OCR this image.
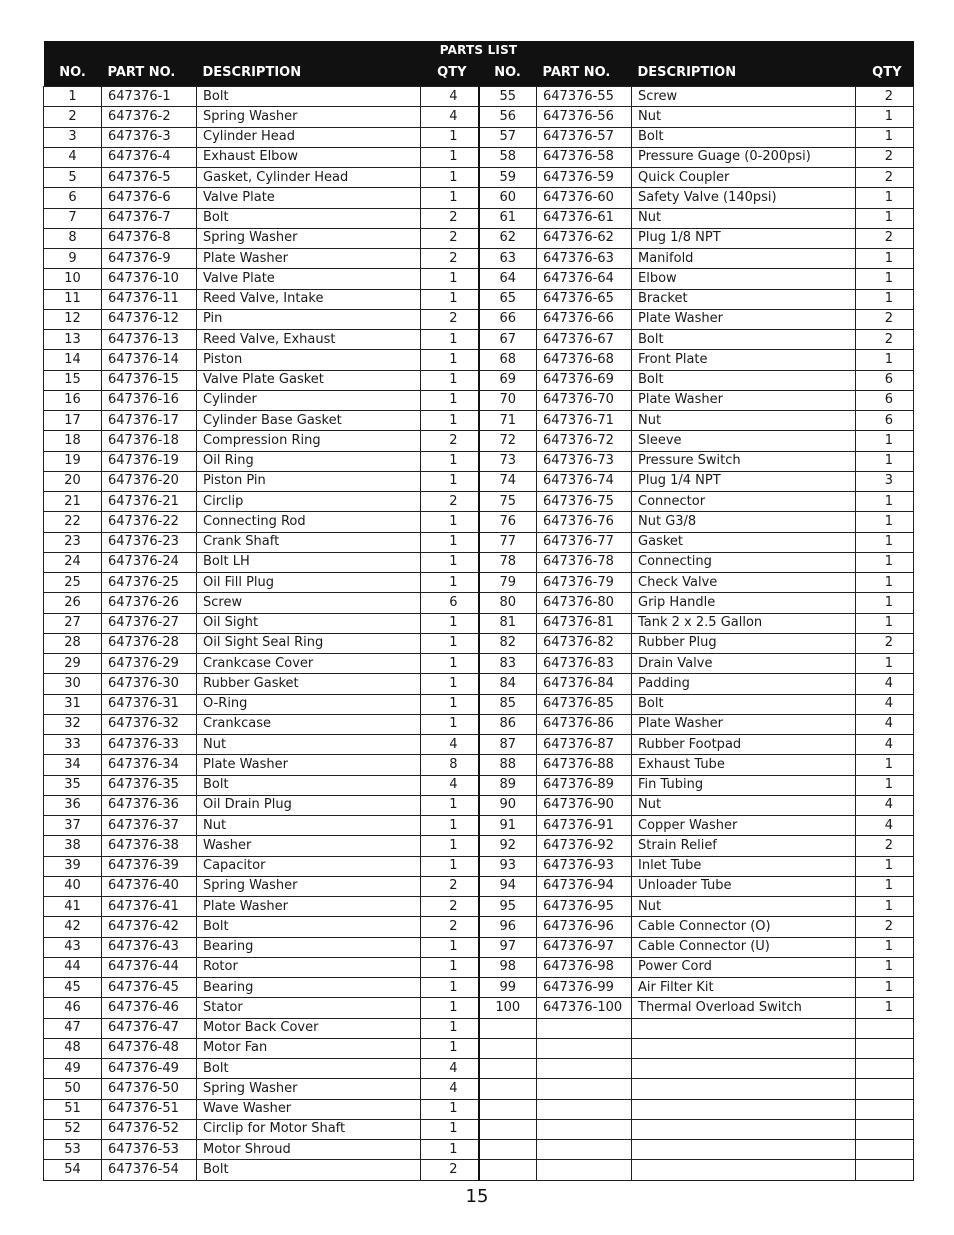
PARTS LIST							
NO.	PART NO.	DESCRIPTION	QTY	NO.	PART NO.	DESCRIPTION	QTY
1	647376-1	Bolt	4	55	647376-55	Screw	2
2	647376-2	Spring Washer	4	56	647376-56	Nut	1
3	647376-3	Cylinder Head	1	57	647376-57	Bolt	1
4	647376-4	Exhaust Elbow	1	58	647376-58	Pressure Guage (0-200psi)	2
5	647376-5	Gasket, Cylinder Head	1	59	647376-59	Quick Coupler	2
6	647376-6	Valve Plate	1	60	647376-60	Safety Valve (140psi)	1
7	647376-7	Bolt	2	61	647376-61	Nut	1
8	647376-8	Spring Washer	2	62	647376-62	Plug 1/8 NPT	2
9	647376-9	Plate Washer	2	63	647376-63	Manifold	1
10	647376-10	Valve Plate	1	64	647376-64	Elbow	1
11	647376-11	Reed Valve, Intake	1	65	647376-65	Bracket	1
12	647376-12	Pin	2	66	647376-66	Plate Washer	2
13	647376-13	Reed Valve, Exhaust	1	67	647376-67	Bolt	2
14	647376-14	Piston	1	68	647376-68	Front Plate	1
15	647376-15	Valve Plate Gasket	1	69	647376-69	Bolt	6
16	647376-16	Cylinder	1	70	647376-70	Plate Washer	6
17	647376-17	Cylinder Base Gasket	1	71	647376-71	Nut	6
18	647376-18	Compression Ring	2	72	647376-72	Sleeve	1
19	647376-19	Oil Ring	1	73	647376-73	Pressure Switch	1
20	647376-20	Piston Pin	1	74	647376-74	Plug 1/4 NPT	3
21	647376-21	Circlip	2	75	647376-75	Connector	1
22	647376-22	Connecting Rod	1	76	647376-76	Nut G3/8	1
23	647376-23	Crank Shaft	1	77	647376-77	Gasket	1
24	647376-24	Bolt LH	1	78	647376-78	Connecting	1
25	647376-25	Oil Fill Plug	1	79	647376-79	Check Valve	1
26	647376-26	Screw	6	80	647376-80	Grip Handle	1
27	647376-27	Oil Sight	1	81	647376-81	Tank 2 x 2.5 Gallon	1
28	647376-28	Oil Sight Seal Ring	1	82	647376-82	Rubber Plug	2
29	647376-29	Crankcase Cover	1	83	647376-83	Drain Valve	1
30	647376-30	Rubber Gasket	1	84	647376-84	Padding	4
31	647376-31	O-Ring	1	85	647376-85	Bolt	4
32	647376-32	Crankcase	1	86	647376-86	Plate Washer	4
33	647376-33	Nut	4	87	647376-87	Rubber Footpad	4
34	647376-34	Plate Washer	8	88	647376-88	Exhaust Tube	1
35	647376-35	Bolt	4	89	647376-89	Fin Tubing	1
36	647376-36	Oil Drain Plug	1	90	647376-90	Nut	4
37	647376-37	Nut	1	91	647376-91	Copper Washer	4
38	647376-38	Washer	1	92	647376-92	Strain Relief	2
39	647376-39	Capacitor	1	93	647376-93	Inlet Tube	1
40	647376-40	Spring Washer	2	94	647376-94	Unloader Tube	1
41	647376-41	Plate Washer	2	95	647376-95	Nut	1
42	647376-42	Bolt	2	96	647376-96	Cable Connector (O)	2
43	647376-43	Bearing	1	97	647376-97	Cable Connector (U)	1
44	647376-44	Rotor	1	98	647376-98	Power Cord	1
45	647376-45	Bearing	1	99	647376-99	Air Filter Kit	1
46	647376-46	Stator	1	100	647376-100	Thermal Overload Switch	1
47	647376-47	Motor Back Cover	1				
48	647376-48	Motor Fan	1				
49	647376-49	Bolt	4				
50	647376-50	Spring Washer	4				
51	647376-51	Wave Washer	1				
52	647376-52	Circlip for Motor Shaft	1				
53	647376-53	Motor Shroud	1				
54	647376-54	Bolt	2				
15
